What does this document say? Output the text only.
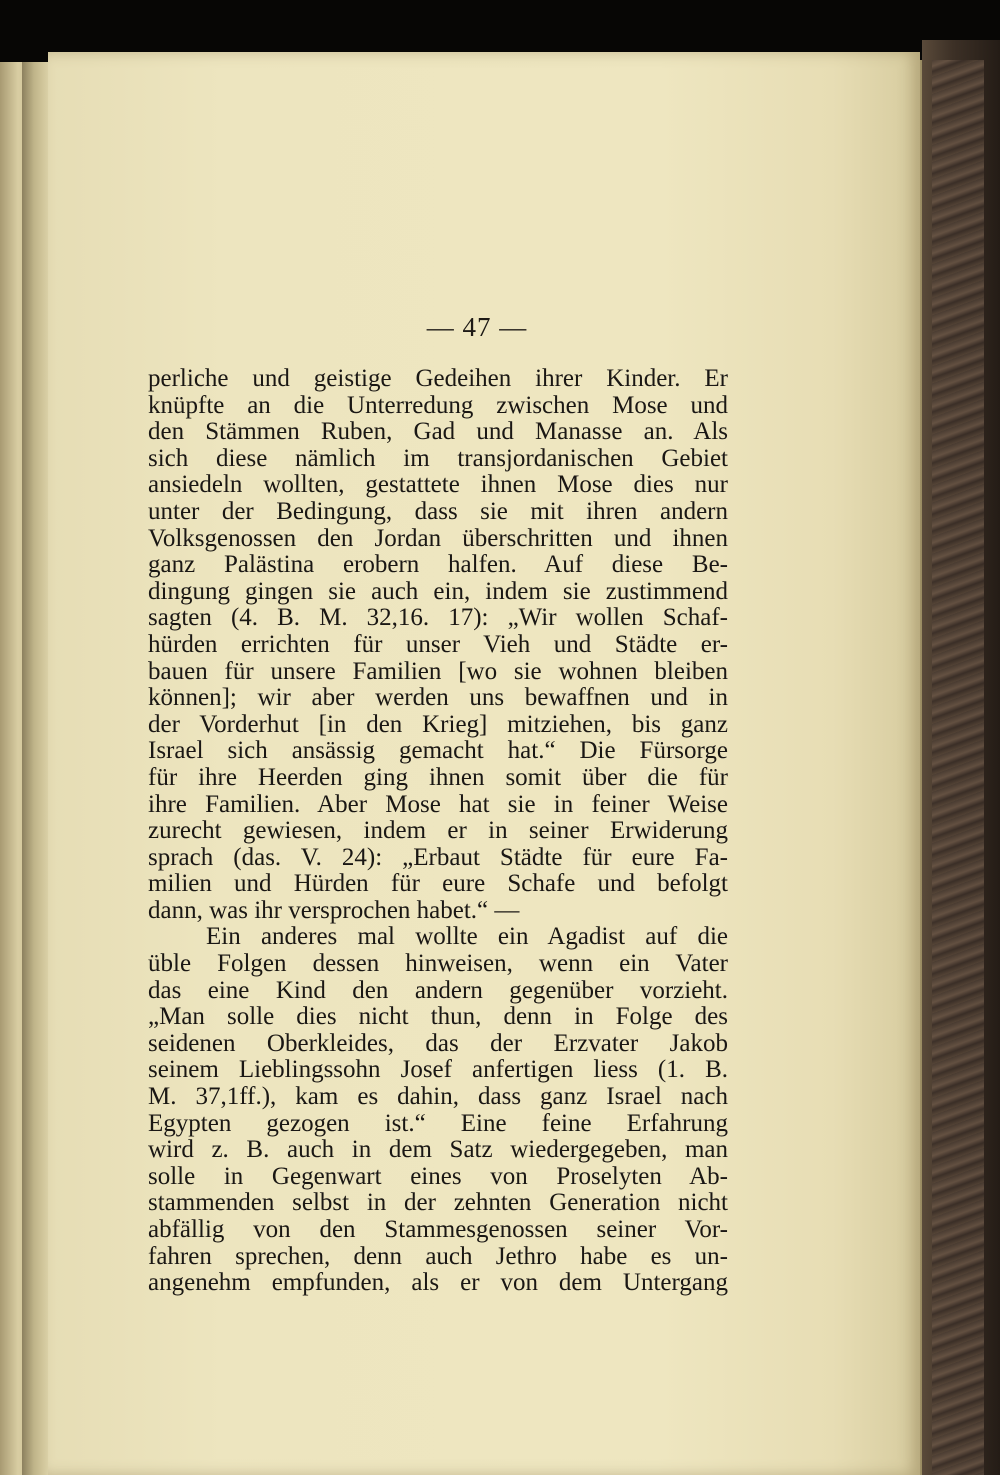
— 47 —
perliche und geistige Gedeihen ihrer Kinder. Er
knüpfte an die Unterredung zwischen Mose und
den Stämmen Ruben, Gad und Manasse an. Als
sich diese nämlich im transjordanischen Gebiet
ansiedeln wollten, gestattete ihnen Mose dies nur
unter der Bedingung, dass sie mit ihren andern
Volksgenossen den Jordan überschritten und ihnen
ganz Palästina erobern halfen. Auf diese Be-
dingung gingen sie auch ein, indem sie zustimmend
sagten (4. B. M. 32,16. 17): „Wir wollen Schaf-
hürden errichten für unser Vieh und Städte er-
bauen für unsere Familien [wo sie wohnen bleiben
können]; wir aber werden uns bewaffnen und in
der Vorderhut [in den Krieg] mitziehen, bis ganz
Israel sich ansässig gemacht hat.“ Die Fürsorge
für ihre Heerden ging ihnen somit über die für
ihre Familien. Aber Mose hat sie in feiner Weise
zurecht gewiesen, indem er in seiner Erwiderung
sprach (das. V. 24): „Erbaut Städte für eure Fa-
milien und Hürden für eure Schafe und befolgt
dann, was ihr versprochen habet.“ —
Ein anderes mal wollte ein Agadist auf die
üble Folgen dessen hinweisen, wenn ein Vater
das eine Kind den andern gegenüber vorzieht.
„Man solle dies nicht thun, denn in Folge des
seidenen Oberkleides, das der Erzvater Jakob
seinem Lieblingssohn Josef anfertigen liess (1. B.
M. 37,1ff.), kam es dahin, dass ganz Israel nach
Egypten gezogen ist.“ Eine feine Erfahrung
wird z. B. auch in dem Satz wiedergegeben, man
solle in Gegenwart eines von Proselyten Ab-
stammenden selbst in der zehnten Generation nicht
abfällig von den Stammesgenossen seiner Vor-
fahren sprechen, denn auch Jethro habe es un-
angenehm empfunden, als er von dem Untergang
